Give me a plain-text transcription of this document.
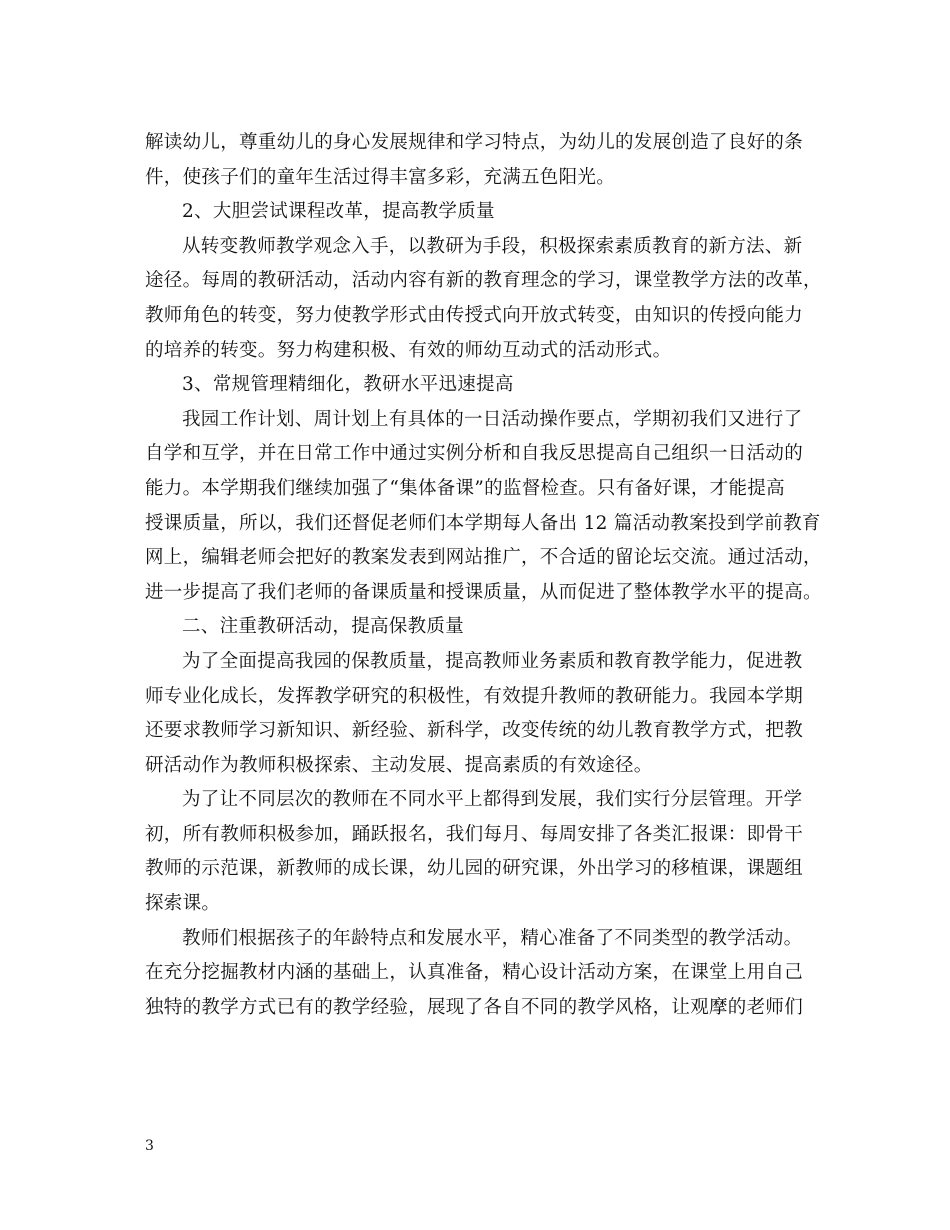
解读幼儿，尊重幼儿的身心发展规律和学习特点，为幼儿的发展创造了良好的条
件，使孩子们的童年生活过得丰富多彩，充满五色阳光。
2、大胆尝试课程改革，提高教学质量
从转变教师教学观念入手，以教研为手段，积极探索素质教育的新方法、新
途径。每周的教研活动，活动内容有新的教育理念的学习，课堂教学方法的改革，
教师角色的转变，努力使教学形式由传授式向开放式转变，由知识的传授向能力
的培养的转变。努力构建积极、有效的师幼互动式的活动形式。
3、常规管理精细化，教研水平迅速提高
我园工作计划、周计划上有具体的一日活动操作要点，学期初我们又进行了
自学和互学，并在日常工作中通过实例分析和自我反思提高自己组织一日活动的
能力。本学期我们继续加强了“集体备课”的监督检查。只有备好课，才能提高
授课质量，所以，我们还督促老师们本学期每人备出 12 篇活动教案投到学前教育
网上，编辑老师会把好的教案发表到网站推广，不合适的留论坛交流。通过活动，
进一步提高了我们老师的备课质量和授课质量，从而促进了整体教学水平的提高。
二、注重教研活动，提高保教质量
为了全面提高我园的保教质量，提高教师业务素质和教育教学能力，促进教
师专业化成长，发挥教学研究的积极性，有效提升教师的教研能力。我园本学期
还要求教师学习新知识、新经验、新科学，改变传统的幼儿教育教学方式，把教
研活动作为教师积极探索、主动发展、提高素质的有效途径。
为了让不同层次的教师在不同水平上都得到发展，我们实行分层管理。开学
初，所有教师积极参加，踊跃报名，我们每月、每周安排了各类汇报课：即骨干
教师的示范课，新教师的成长课，幼儿园的研究课，外出学习的移植课，课题组
探索课。
教师们根据孩子的年龄特点和发展水平，精心准备了不同类型的教学活动。
在充分挖掘教材内涵的基础上，认真准备，精心设计活动方案，在课堂上用自己
独特的教学方式已有的教学经验，展现了各自不同的教学风格，让观摩的老师们
3
